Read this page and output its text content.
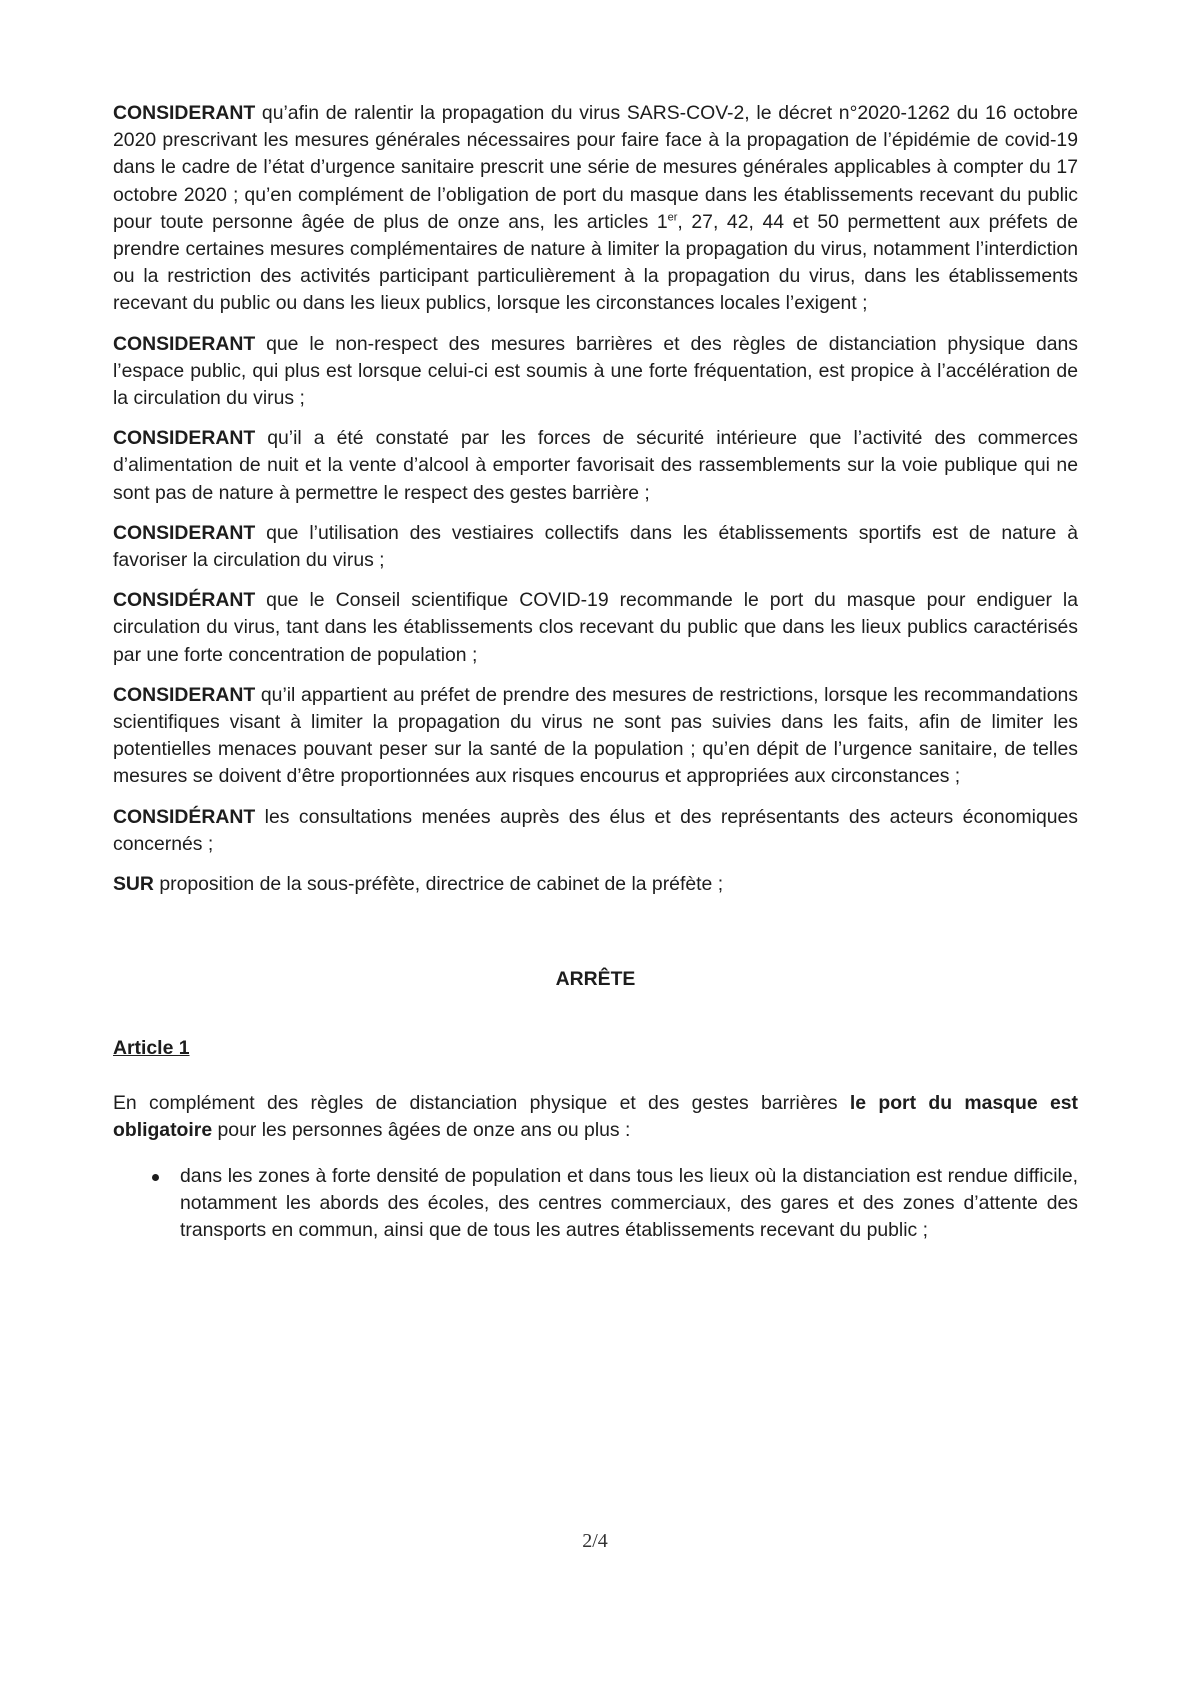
CONSIDERANT qu’afin de ralentir la propagation du virus SARS-COV-2, le décret n°2020-1262 du 16 octobre 2020 prescrivant les mesures générales nécessaires pour faire face à la propagation de l’épidémie de covid-19 dans le cadre de l’état d’urgence sanitaire prescrit une série de mesures générales applicables à compter du 17 octobre 2020 ; qu’en complément de l’obligation de port du masque dans les établissements recevant du public pour toute personne âgée de plus de onze ans, les articles 1er, 27, 42, 44 et 50 permettent aux préfets de prendre certaines mesures complémentaires de nature à limiter la propagation du virus, notamment l’interdiction ou la restriction des activités participant particulièrement à la propagation du virus, dans les établissements recevant du public ou dans les lieux publics, lorsque les circonstances locales l’exigent ;

CONSIDERANT que le non-respect des mesures barrières et des règles de distanciation physique dans l’espace public, qui plus est lorsque celui-ci est soumis à une forte fréquentation, est propice à l’accélération de la circulation du virus ;

CONSIDERANT qu’il a été constaté par les forces de sécurité intérieure que l’activité des commerces d’alimentation de nuit et la vente d’alcool à emporter favorisait des rassemblements sur la voie publique qui ne sont pas de nature à permettre le respect des gestes barrière ;

CONSIDERANT que l’utilisation des vestiaires collectifs dans les établissements sportifs est de nature à favoriser la circulation du virus ;

CONSIDÉRANT que le Conseil scientifique COVID-19 recommande le port du masque pour endiguer la circulation du virus, tant dans les établissements clos recevant du public que dans les lieux publics caractérisés par une forte concentration de population ;

CONSIDERANT qu’il appartient au préfet de prendre des mesures de restrictions, lorsque les recommandations scientifiques visant à limiter la propagation du virus ne sont pas suivies dans les faits, afin de limiter les potentielles menaces pouvant peser sur la santé de la population ; qu’en dépit de l’urgence sanitaire, de telles mesures se doivent d’être proportionnées aux risques encourus et appropriées aux circonstances ;

CONSIDÉRANT les consultations menées auprès des élus et des représentants des acteurs économiques concernés ;

SUR proposition de la sous-préfète, directrice de cabinet de la préfète ;

ARRÊTE
Article 1

En complément des règles de distanciation physique et des gestes barrières le port du masque est obligatoire pour les personnes âgées de onze ans ou plus :

dans les zones à forte densité de population et dans tous les lieux où la distanciation est rendue difficile, notamment les abords des écoles, des centres commerciaux, des gares et des zones d’attente des transports en commun, ainsi que de tous les autres établissements recevant du public ;
2/4
